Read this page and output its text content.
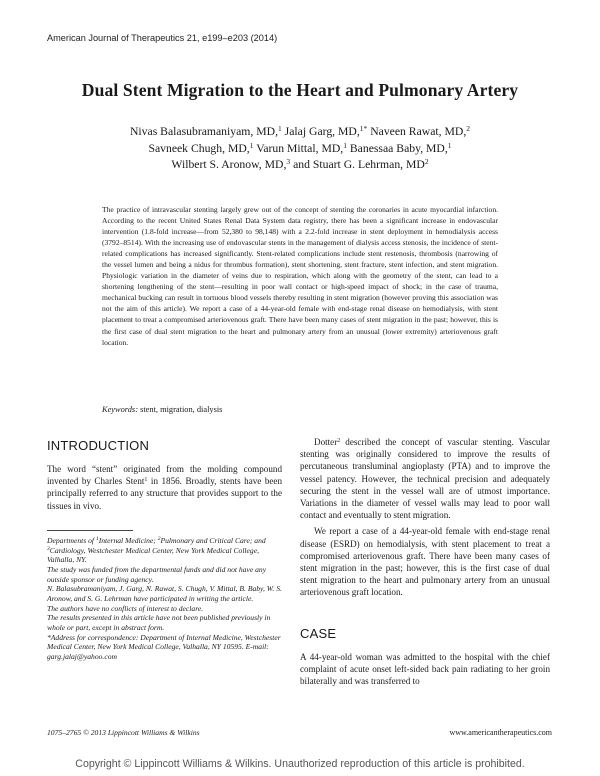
American Journal of Therapeutics 21, e199–e203 (2014)
Dual Stent Migration to the Heart and Pulmonary Artery
Nivas Balasubramaniyam, MD,$^1$ Jalaj Garg, MD,$^{1*}$ Naveen Rawat, MD,$^2$
Savneek Chugh, MD,$^1$ Varun Mittal, MD,$^1$ Banessaa Baby, MD,$^1$
Wilbert S. Aronow, MD,$^3$ and Stuart G. Lehrman, $MD^2$
The practice of intravascular stenting largely grew out of the concept of stenting the coronaries in acute myocardial infarction. According to the recent United States Renal Data System data registry, there has been a significant increase in endovascular intervention (1.8-fold increase—from 52,380 to 98,148) with a 2.2-fold increase in stent deployment in hemodialysis access (3792–8514). With the increasing use of endovascular stents in the management of dialysis access stenosis, the incidence of stent-related complications has increased significantly. Stent-related complications include stent restenosis, thrombosis (narrowing of the vessel lumen and being a nidus for thrombus formation), stent shortening, stent fracture, stent infection, and stent migration. Physiologic variation in the diameter of veins due to respiration, which along with the geometry of the stent, can lead to a shortening lengthening of the stent—resulting in poor wall contact or high-speed impact of shock; in the case of trauma, mechanical bucking can result in tortuous blood vessels thereby resulting in stent migration (however proving this association was not the aim of this article). We report a case of a 44-year-old female with end-stage renal disease on hemodialysis, with stent placement to treat a compromised arteriovenous graft. There have been many cases of stent migration in the past; however, this is the first case of dual stent migration to the heart and pulmonary artery from an unusual (lower extremity) arteriovenous graft location.
Keywords: stent, migration, dialysis
INTRODUCTION

The word “stent” originated from the molding compound invented by Charles Stent$^1$ in 1856. Broadly, stents have been principally referred to any structure that provides support to the tissues in vivo.

Departments of $^1$Internal Medicine; $^2$Pulmonary and Critical Care; and $^3$Cardiology, Westchester Medical Center, New York Medical College, Valhalla, NY.
The study was funded from the departmental funds and did not have any outside sponsor or funding agency.
N. Balasubramaniyam, J. Garg, N. Rawat, S. Chugh, V. Mittal, B. Baby, W. S. Aronow, and S. G. Lehrman have participated in writing the article.
The authors have no conflicts of interest to declare.
The results presented in this article have not been published previously in whole or part, except in abstract form.
*Address for correspondence: Department of Internal Medicine, Westchester Medical Center, New York Medical College, Valhalla, NY 10595. E-mail: garg.jalaj@yahoo.com

Dotter$^2$ described the concept of vascular stenting. Vascular stenting was originally considered to improve the results of percutaneous transluminal angioplasty (PTA) and to improve the vessel patency. However, the technical precision and adequately securing the stent in the vessel wall are of utmost importance. Variations in the diameter of vessel walls may lead to poor wall contact and eventually to stent migration.

We report a case of a 44-year-old female with end-stage renal disease (ESRD) on hemodialysis, with stent placement to treat a compromised arteriovenous graft. There have been many cases of stent migration in the past; however, this is the first case of dual stent migration to the heart and pulmonary artery from an unusual arteriovenous graft location.

CASE

A 44-year-old woman was admitted to the hospital with the chief complaint of acute onset left-sided back pain radiating to her groin bilaterally and was transferred to

1075–2765 © 2013 Lippincott Williams & Wilkins	www.americantherapeutics.com
Copyright © Lippincott Williams & Wilkins. Unauthorized reproduction of this article is prohibited.
